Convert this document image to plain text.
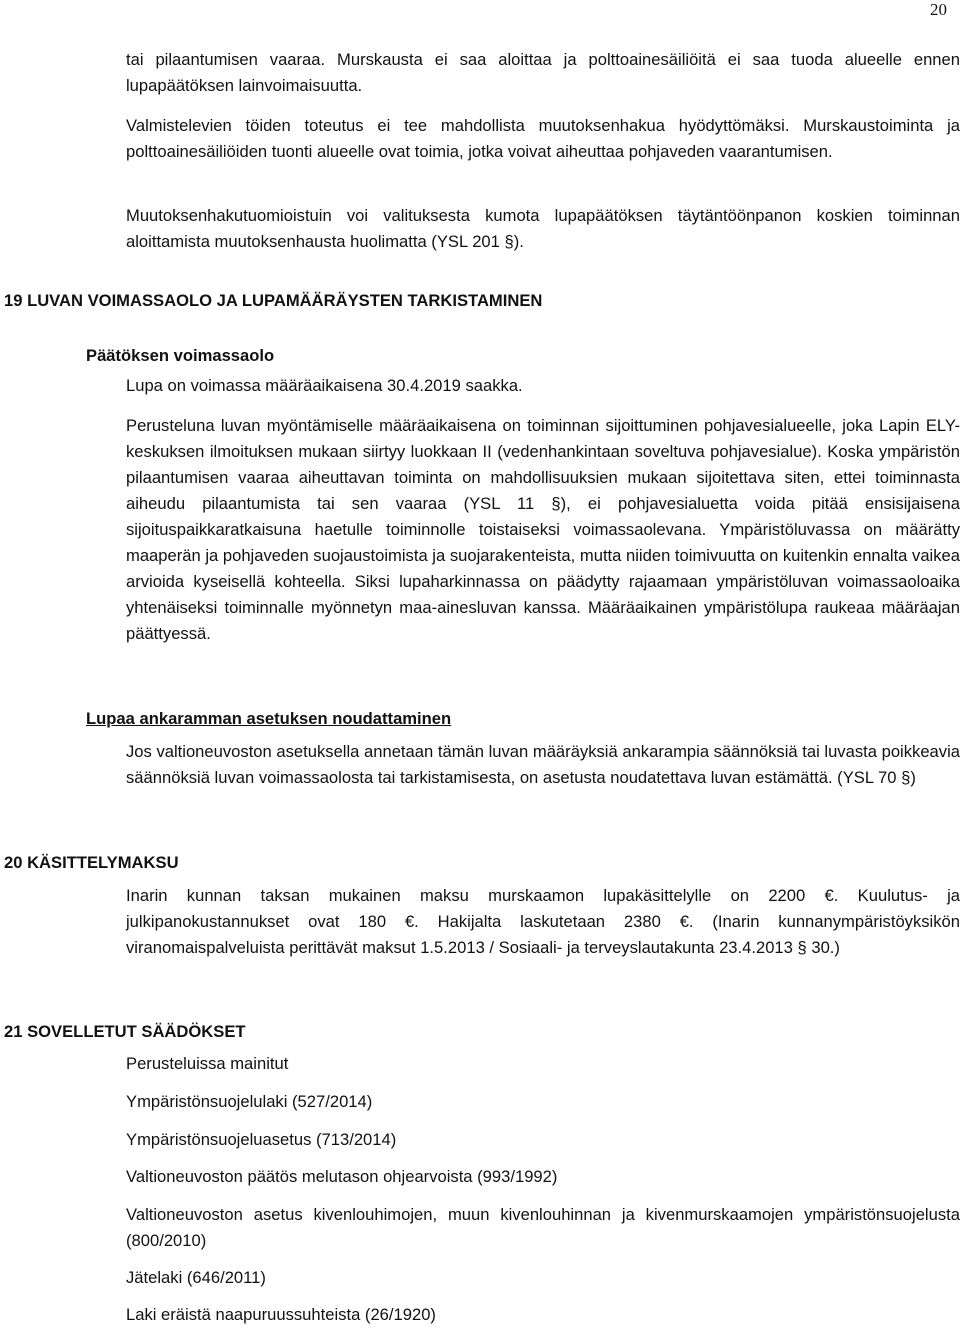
20

tai pilaantumisen vaaraa. Murskausta ei saa aloittaa ja polttoainesäiliöitä ei saa tuoda alueelle ennen lupapäätöksen lainvoimaisuutta.

Valmistelevien töiden toteutus ei tee mahdollista muutoksenhakua hyödyttömäksi. Murskaustoiminta ja polttoainesäiliöiden tuonti alueelle ovat toimia, jotka voivat aiheuttaa pohjaveden vaarantumisen.

Muutoksenhakutuomioistuin voi valituksesta kumota lupapäätöksen täytäntöönpanon koskien toiminnan aloittamista muutoksenhausta huolimatta (YSL 201 §).

19 LUVAN VOIMASSAOLO JA LUPAMÄÄRÄYSTEN TARKISTAMINEN
Päätöksen voimassaolo

Lupa on voimassa määräaikaisena 30.4.2019 saakka.

Perusteluna luvan myöntämiselle määräaikaisena on toiminnan sijoittuminen pohjavesialueelle, joka Lapin ELY-keskuksen ilmoituksen mukaan siirtyy luokkaan II (vedenhankintaan soveltuva pohjavesialue). Koska ympäristön pilaantumisen vaaraa aiheuttavan toiminta on mahdollisuuksien mukaan sijoitettava siten, ettei toiminnasta aiheudu pilaantumista tai sen vaaraa (YSL 11 §), ei pohjavesialuetta voida pitää ensisijaisena sijoituspaikkaratkaisuna haetulle toiminnolle toistaiseksi voimassaolevana. Ympäristöluvassa on määrätty maaperän ja pohjaveden suojaustoimista ja suojarakenteista, mutta niiden toimivuutta on kuitenkin ennalta vaikea arvioida kyseisellä kohteella. Siksi lupaharkinnassa on päädytty rajaamaan ympäristöluvan voimassaoloaika yhtenäiseksi toiminnalle myönnetyn maa-ainesluvan kanssa. Määräaikainen ympäristölupa raukeaa määräajan päättyessä.

Lupaa ankaramman asetuksen noudattaminen

Jos valtioneuvoston asetuksella annetaan tämän luvan määräyksiä ankarampia säännöksiä tai luvasta poikkeavia säännöksiä luvan voimassaolosta tai tarkistamisesta, on asetusta noudatettava luvan estämättä. (YSL 70 §)

20 KÄSITTELYMAKSU

Inarin kunnan taksan mukainen maksu murskaamon lupakäsittelylle on 2200 €. Kuulutus- ja julkipanokustannukset ovat 180 €. Hakijalta laskutetaan 2380 €. (Inarin kunnanympäristöyksikön viranomaispalveluista perittävät maksut 1.5.2013 / Sosiaali- ja terveyslautakunta 23.4.2013 § 30.)

21 SOVELLETUT SÄÄDÖKSET

Perusteluissa mainitut

Ympäristönsuojelulaki (527/2014)

Ympäristönsuojeluasetus (713/2014)

Valtioneuvoston päätös melutason ohjearvoista (993/1992)

Valtioneuvoston asetus kivenlouhimojen, muun kivenlouhinnan ja kivenmurskaamojen ympäristönsuojelusta (800/2010)

Jätelaki (646/2011)

Laki eräistä naapuruussuhteista (26/1920)
